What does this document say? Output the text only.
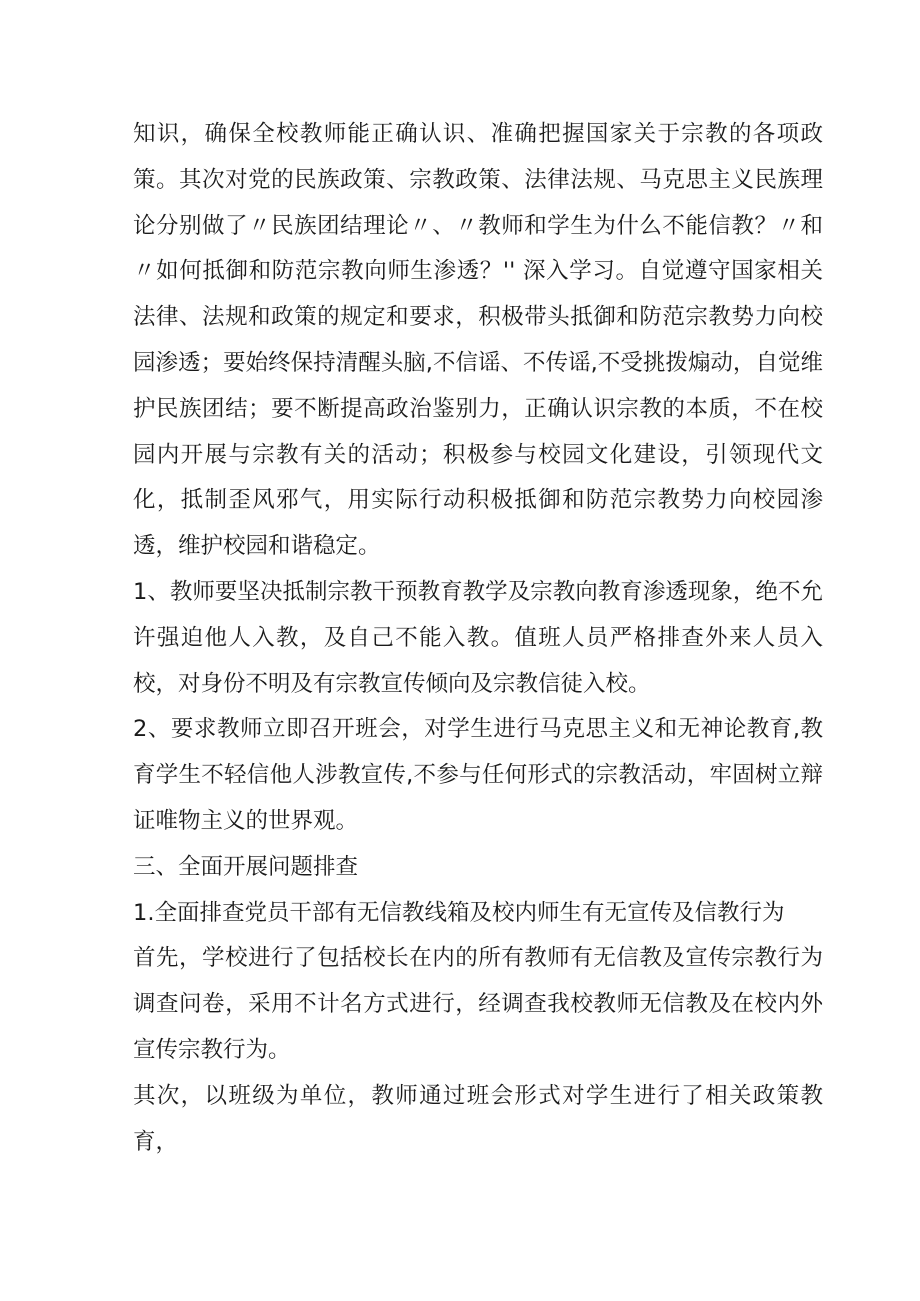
知识，确保全校教师能正确认识、准确把握国家关于宗教的各项政策。其次对党的民族政策、宗教政策、法律法规、马克思主义民族理论分别做了〃民族团结理论〃、〃教师和学生为什么不能信教？〃和〃如何抵御和防范宗教向师生渗透？'' 深入学习。自觉遵守国家相关法律、法规和政策的规定和要求，积极带头抵御和防范宗教势力向校园渗透；要始终保持清醒头脑,不信谣、不传谣,不受挑拨煽动，自觉维护民族团结；要不断提高政治鉴别力，正确认识宗教的本质，不在校园内开展与宗教有关的活动；积极参与校园文化建设，引领现代文化，抵制歪风邪气，用实际行动积极抵御和防范宗教势力向校园渗透，维护校园和谐稳定。

1、教师要坚决抵制宗教干预教育教学及宗教向教育渗透现象，绝不允许强迫他人入教，及自己不能入教。值班人员严格排查外来人员入校，对身份不明及有宗教宣传倾向及宗教信徒入校。

2、要求教师立即召开班会，对学生进行马克思主义和无神论教育,教育学生不轻信他人涉教宣传,不参与任何形式的宗教活动，牢固树立辩证唯物主义的世界观。

三、全面开展问题排查

1.全面排查党员干部有无信教线箱及校内师生有无宣传及信教行为

首先，学校进行了包括校长在内的所有教师有无信教及宣传宗教行为调查问卷，采用不计名方式进行，经调查我校教师无信教及在校内外宣传宗教行为。

其次，以班级为单位，教师通过班会形式对学生进行了相关政策教育，
